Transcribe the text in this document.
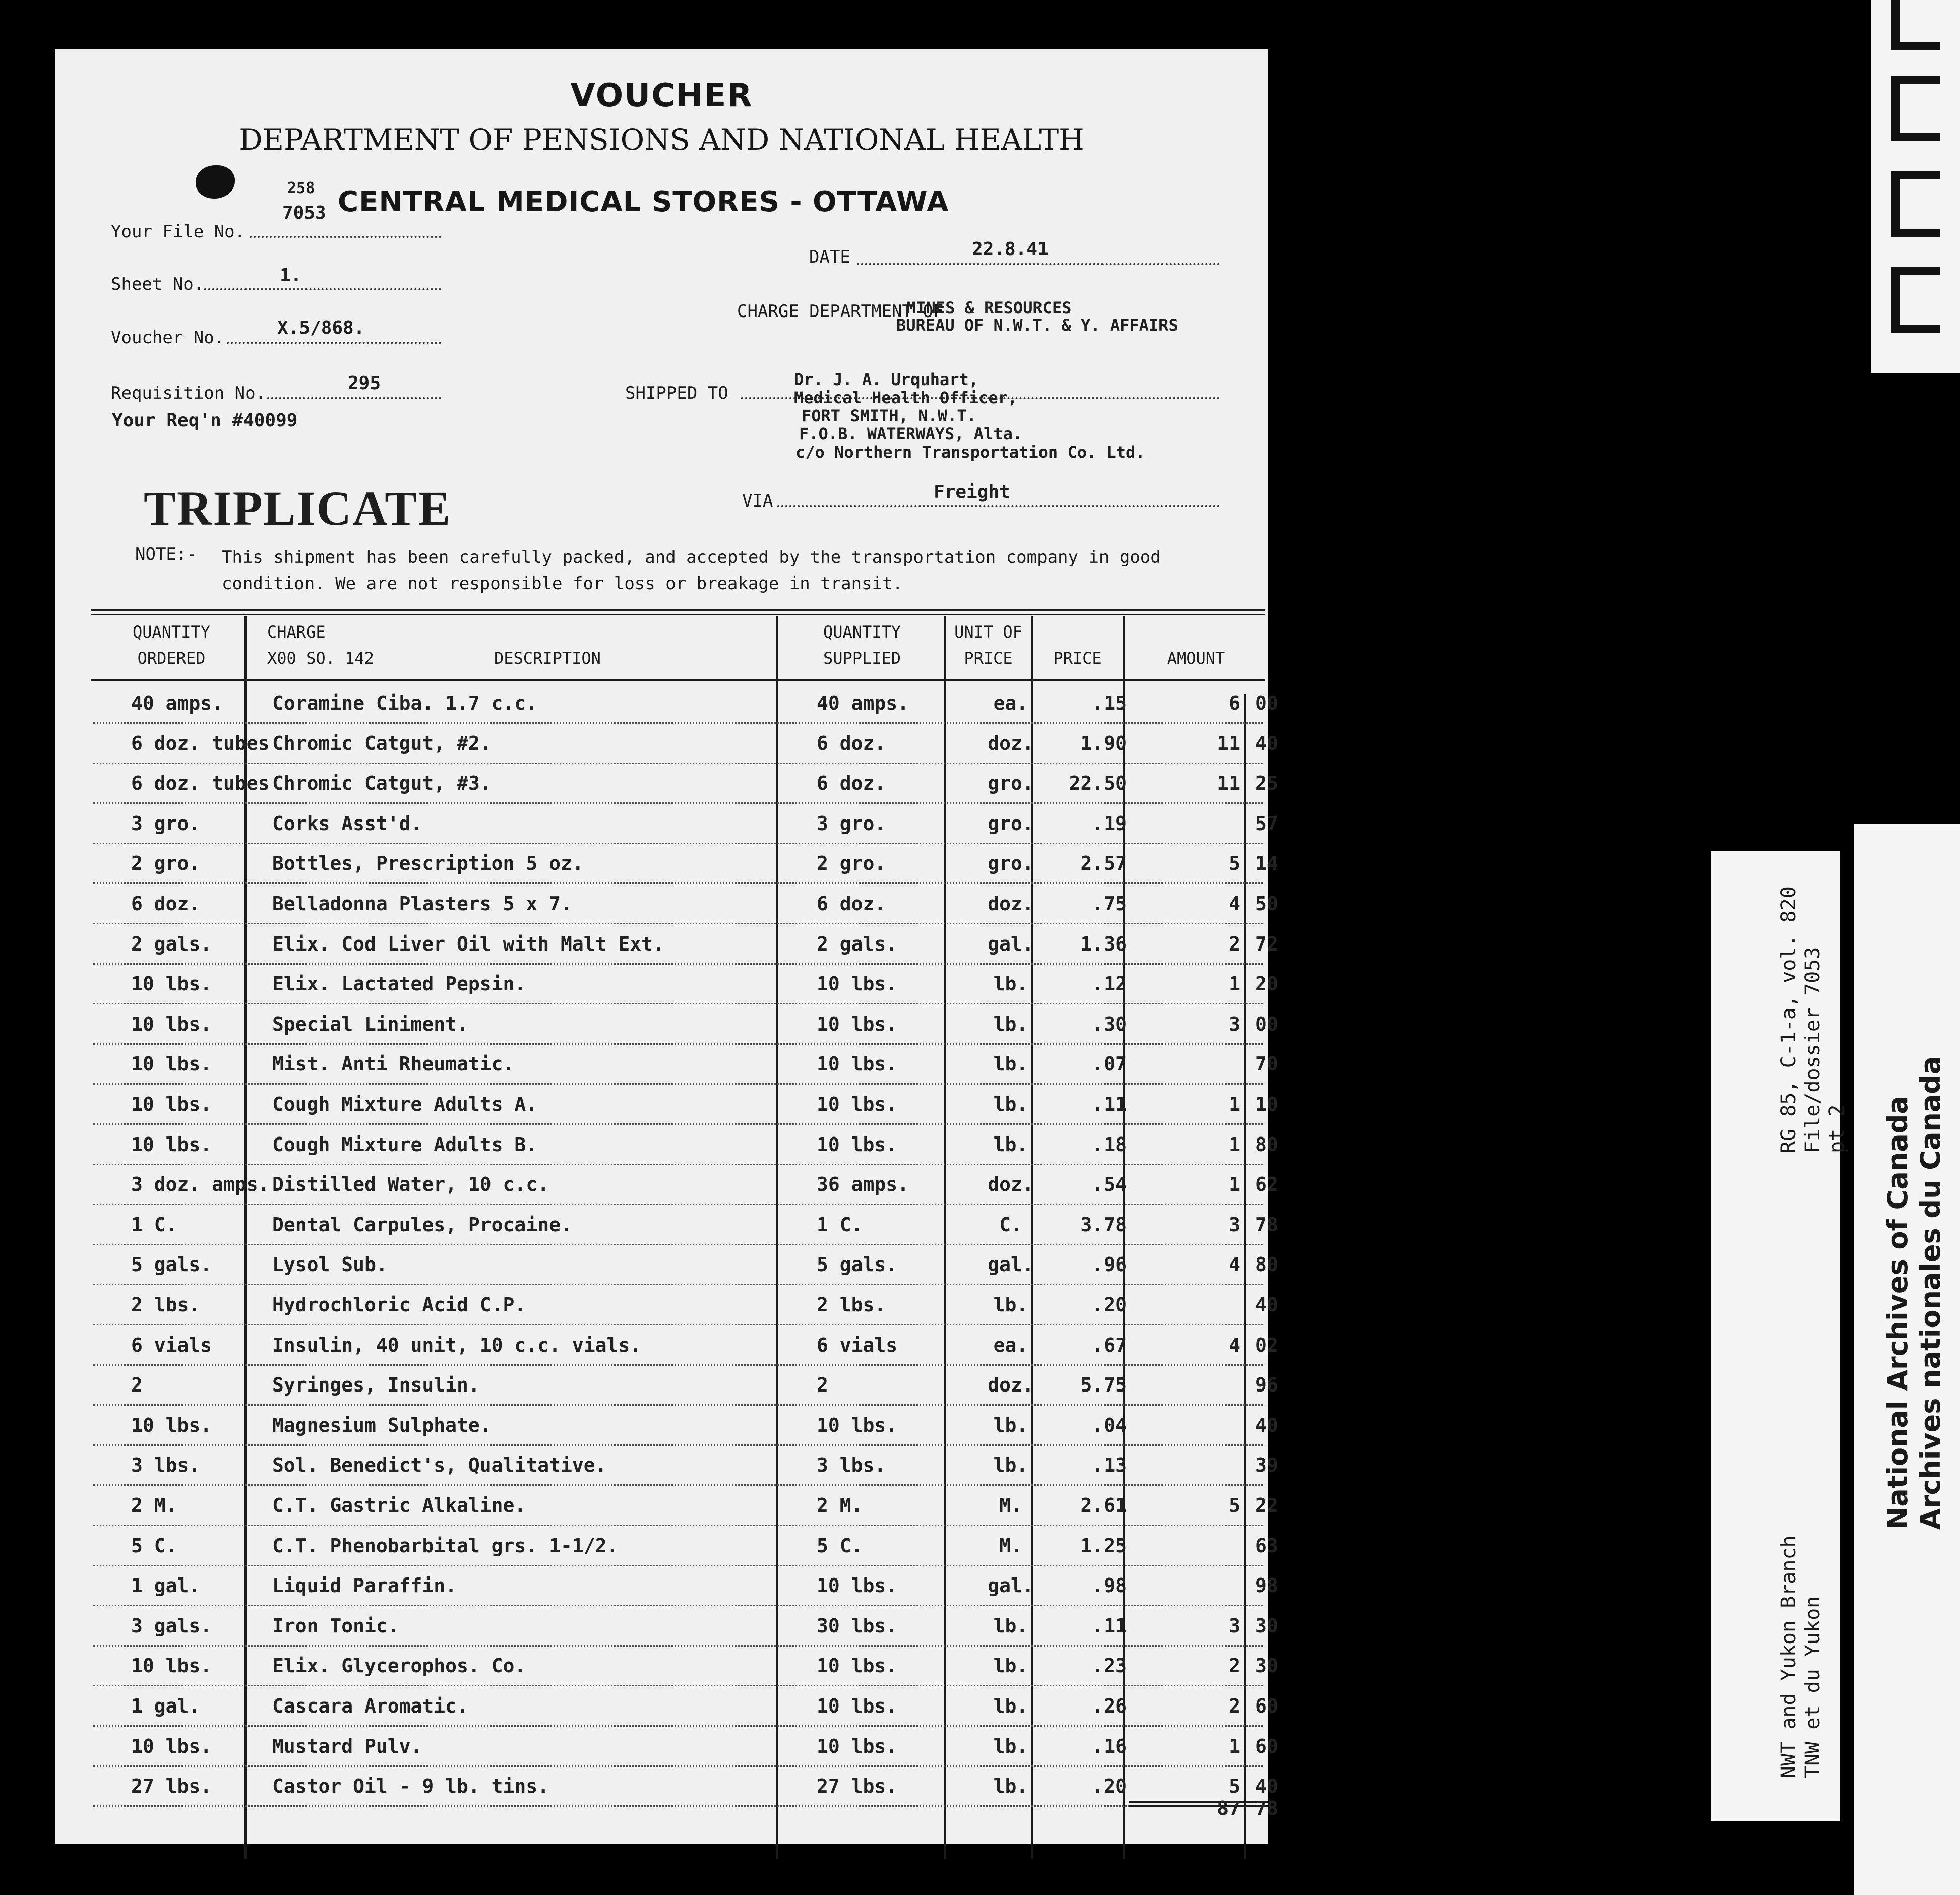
VOUCHER
DEPARTMENT OF PENSIONS AND NATIONAL HEALTH
CENTRAL MEDICAL STORES - OTTAWA
258
Your File No.
7053
Sheet No.	1.
Voucher No.	X.5/868.
Requisition No.	295
Your Req'n #40099
DATE	22.8.41
CHARGE DEPARTMENT OF
MINES & RESOURCES
BUREAU OF N.W.T. & Y. AFFAIRS
SHIPPED TO
Dr. J. A. Urquhart,
Medical Health Officer,
FORT SMITH, N.W.T.
F.O.B. WATERWAYS, Alta.
c/o Northern Transportation Co. Ltd.
VIA	Freight
TRIPLICATE
NOTE:- This shipment has been carefully packed, and accepted by the transportation company in good condition. We are not responsible for loss or breakage in transit.
QUANTITY
ORDERED
CHARGE
X00 SO. 142	DESCRIPTION
QUANTITY
SUPPLIED
UNIT OF
PRICE	PRICE	AMOUNT
40 amps.	Coramine Ciba. 1.7 c.c.	40 amps.	ea.	.15	6 00
6 doz. tubes Chromic Catgut, #2.	6 doz.	doz.	1.90	11 40
6 doz. tubes Chromic Catgut, #3.	6 doz.	gro.	22.50	11 25
3 gro.	Corks Asst'd.	3 gro.	gro.	.19	57
2 gro.	Bottles, Prescription 5 oz.	2 gro.	gro.	2.57	5 14
6 doz.	Belladonna Plasters 5 x 7.	6 doz.	doz.	.75	4 50
2 gals.	Elix. Cod Liver Oil with Malt Ext.	2 gals.	gal.	1.36	2 72
10 lbs.	Elix. Lactated Pepsin.	10 lbs.	lb.	.12	1 20
10 lbs.	Special Liniment.	10 lbs.	lb.	.30	3 00
10 lbs.	Mist. Anti Rheumatic.	10 lbs.	lb.	.07	70
10 lbs.	Cough Mixture Adults A.	10 lbs.	lb.	.11	1 10
10 lbs.	Cough Mixture Adults B.	10 lbs.	lb.	.18	1 80
3 doz. amps. Distilled Water, 10 c.c.	36 amps.	doz.	.54	1 62
1 C.	Dental Carpules, Procaine.	1 C.	C.	3.78	3 78
5 gals.	Lysol Sub.	5 gals.	gal.	.96	4 80
2 lbs.	Hydrochloric Acid C.P.	2 lbs.	lb.	.20	40
6 vials	Insulin, 40 unit, 10 c.c. vials.	6 vials	ea.	.67	4 02
2	Syringes, Insulin.	2	doz.	5.75	96
10 lbs.	Magnesium Sulphate.	10 lbs.	lb.	.04	40
3 lbs.	Sol. Benedict's, Qualitative.	3 lbs.	lb.	.13	39
2 M.	C.T. Gastric Alkaline.	2 M.	M.	2.61	5 22
5 C.	C.T. Phenobarbital grs. 1-1/2.	5 C.	M.	1.25	63
1 gal.	Liquid Paraffin.	10 lbs.	gal.	.98	98
3 gals.	Iron Tonic.	30 lbs.	lb.	.11	3 30
10 lbs.	Elix. Glycerophos. Co.	10 lbs.	lb.	.23	2 30
1 gal.	Cascara Aromatic.	10 lbs.	lb.	.26	2 60
10 lbs.	Mustard Pulv.	10 lbs.	lb.	.16	1 60
27 lbs.	Castor Oil - 9 lb. tins.	27 lbs.	lb.	.20	5 40
87 78
RG 85, C-1-a, vol. 820 File/dossier 7053 pt 2
NWT and Yukon Branch TNW et du Yukon
National Archives of Canada Archives nationales du Canada
